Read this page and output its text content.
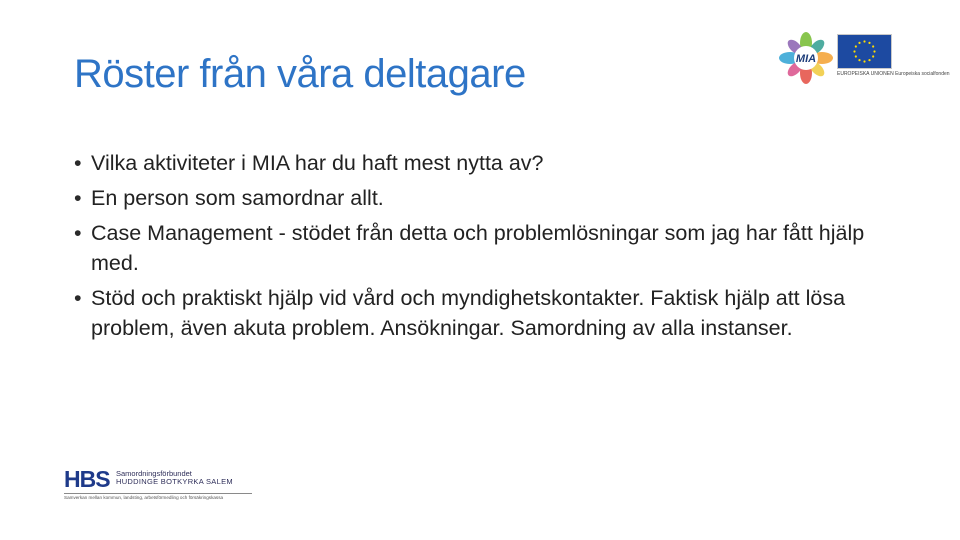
Röster från våra deltagare	MIA
EUROPEISKA UNIONEN Europeiska socialfonden
• Vilka aktiviteter i MIA har du haft mest nytta av?
• En person som samordnar allt.
• Case Management - stödet från detta och problemlösningar som jag har fått hjälp med.
• Stöd och praktiskt hjälp vid vård och myndighetskontakter. Faktisk hjälp att lösa problem, även akuta problem. Ansökningar. Samordning av alla instanser.
HBS Samordningsförbundet
HUDDINGE BOTKYRKA SALEM
Samverkan mellan kommun, landsting, arbetsförmedling och försäkringskassa
